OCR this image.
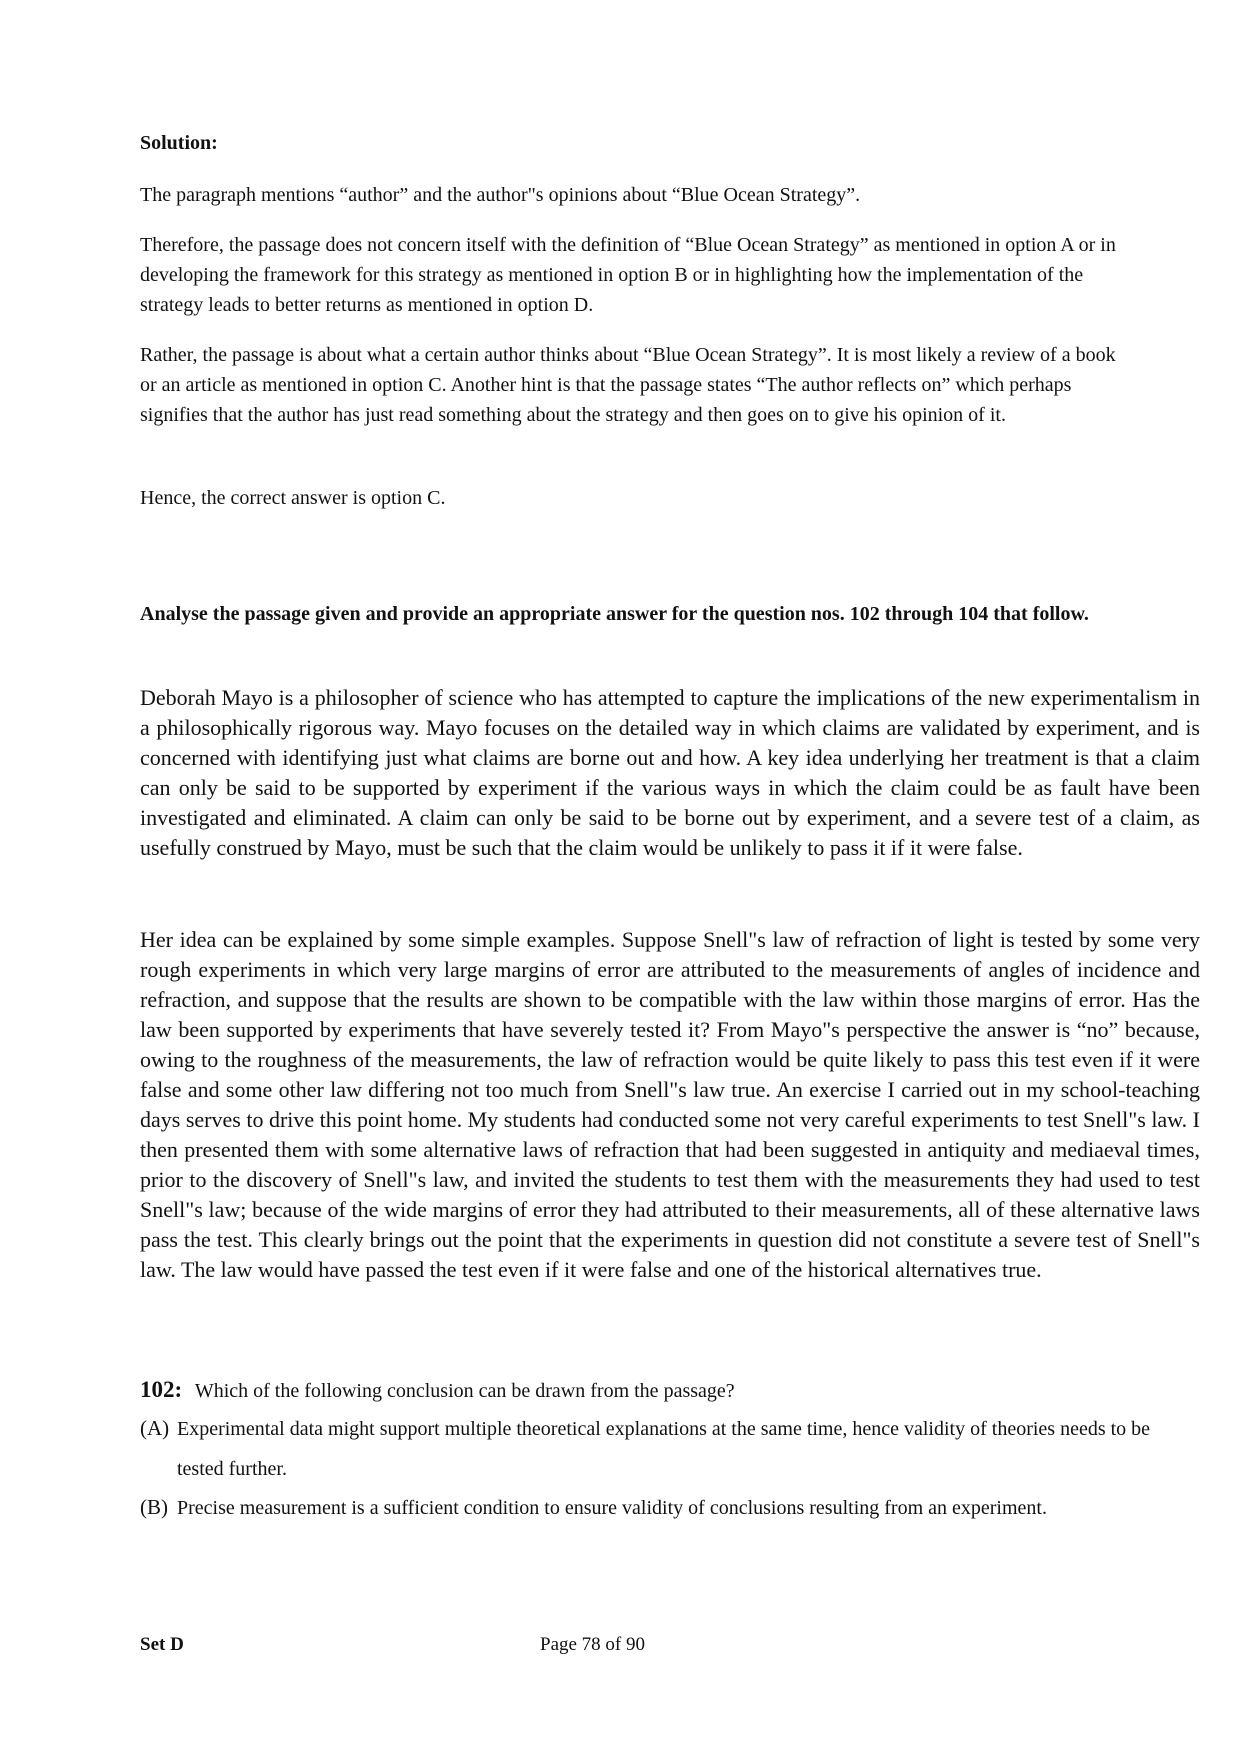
Solution:
The paragraph mentions “author” and the author"s opinions about “Blue Ocean Strategy”.
Therefore, the passage does not concern itself with the definition of “Blue Ocean Strategy” as mentioned in option A or in developing the framework for this strategy as mentioned in option B or in highlighting how the implementation of the strategy leads to better returns as mentioned in option D.
Rather, the passage is about what a certain author thinks about “Blue Ocean Strategy”. It is most likely a review of a book or an article as mentioned in option C. Another hint is that the passage states “The author reflects on” which perhaps signifies that the author has just read something about the strategy and then goes on to give his opinion of it.
Hence, the correct answer is option C.
Analyse the passage given and provide an appropriate answer for the question nos. 102 through 104 that follow.
Deborah Mayo is a philosopher of science who has attempted to capture the implications of the new experimentalism in a philosophically rigorous way. Mayo focuses on the detailed way in which claims are validated by experiment, and is concerned with identifying just what claims are borne out and how. A key idea underlying her treatment is that a claim can only be said to be supported by experiment if the various ways in which the claim could be as fault have been investigated and eliminated. A claim can only be said to be borne out by experiment, and a severe test of a claim, as usefully construed by Mayo, must be such that the claim would be unlikely to pass it if it were false.
Her idea can be explained by some simple examples. Suppose Snell"s law of refraction of light is tested by some very rough experiments in which very large margins of error are attributed to the measurements of angles of incidence and refraction, and suppose that the results are shown to be compatible with the law within those margins of error. Has the law been supported by experiments that have severely tested it? From Mayo"s perspective the answer is “no” because, owing to the roughness of the measurements, the law of refraction would be quite likely to pass this test even if it were false and some other law differing not too much from Snell"s law true. An exercise I carried out in my school-teaching days serves to drive this point home. My students had conducted some not very careful experiments to test Snell"s law. I then presented them with some alternative laws of refraction that had been suggested in antiquity and mediaeval times, prior to the discovery of Snell"s law, and invited the students to test them with the measurements they had used to test Snell"s law; because of the wide margins of error they had attributed to their measurements, all of these alternative laws pass the test. This clearly brings out the point that the experiments in question did not constitute a severe test of Snell"s law. The law would have passed the test even if it were false and one of the historical alternatives true.
102: Which of the following conclusion can be drawn from the passage?
(A) Experimental data might support multiple theoretical explanations at the same time, hence validity of theories needs to be tested further.
(B) Precise measurement is a sufficient condition to ensure validity of conclusions resulting from an experiment.
Set D	Page 78 of 90
